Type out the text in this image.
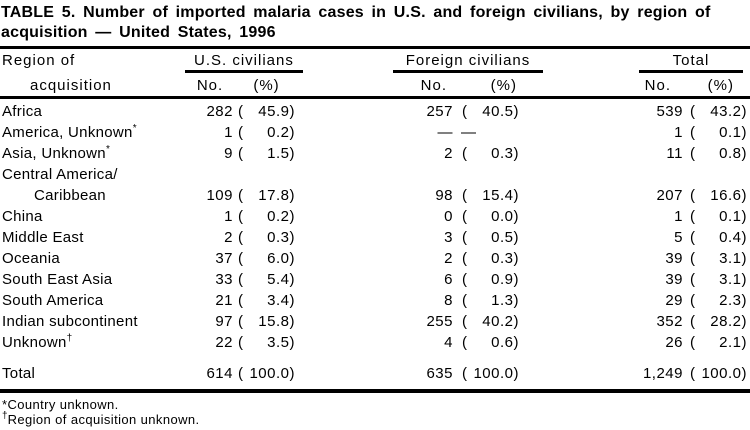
TABLE 5. Number of imported malaria cases in U.S. and foreign civilians, by region of
acquisition — United States, 1996
Region of	U.S. civilians	Foreign civilians	Total
acquisition	No.	(%)	No.	(%)	No.	(%)
Africa	282 ( 45.9)	257 ( 40.5)	539 ( 43.2)
America, Unknown*	1 ( 0.2)	— —	1 ( 0.1)
Asia, Unknown*	9 ( 1.5)	2 ( 0.3)	11 ( 0.8)
Central America/
Caribbean	109 ( 17.8)	98 ( 15.4)	207 ( 16.6)
China	1 ( 0.2)	0 ( 0.0)	1 ( 0.1)
Middle East	2 ( 0.3)	3 ( 0.5)	5 ( 0.4)
Oceania	37 ( 6.0)	2 ( 0.3)	39 ( 3.1)
South East Asia	33 ( 5.4)	6 ( 0.9)	39 ( 3.1)
South America	21 ( 3.4)	8 ( 1.3)	29 ( 2.3)
Indian subcontinent	97 ( 15.8)	255 ( 40.2)	352 ( 28.2)
Unknown†	22 ( 3.5)	4 ( 0.6)	26 ( 2.1)
Total	614 ( 100.0)	635 ( 100.0)	1,249 ( 100.0)
*Country unknown.
†Region of acquisition unknown.
